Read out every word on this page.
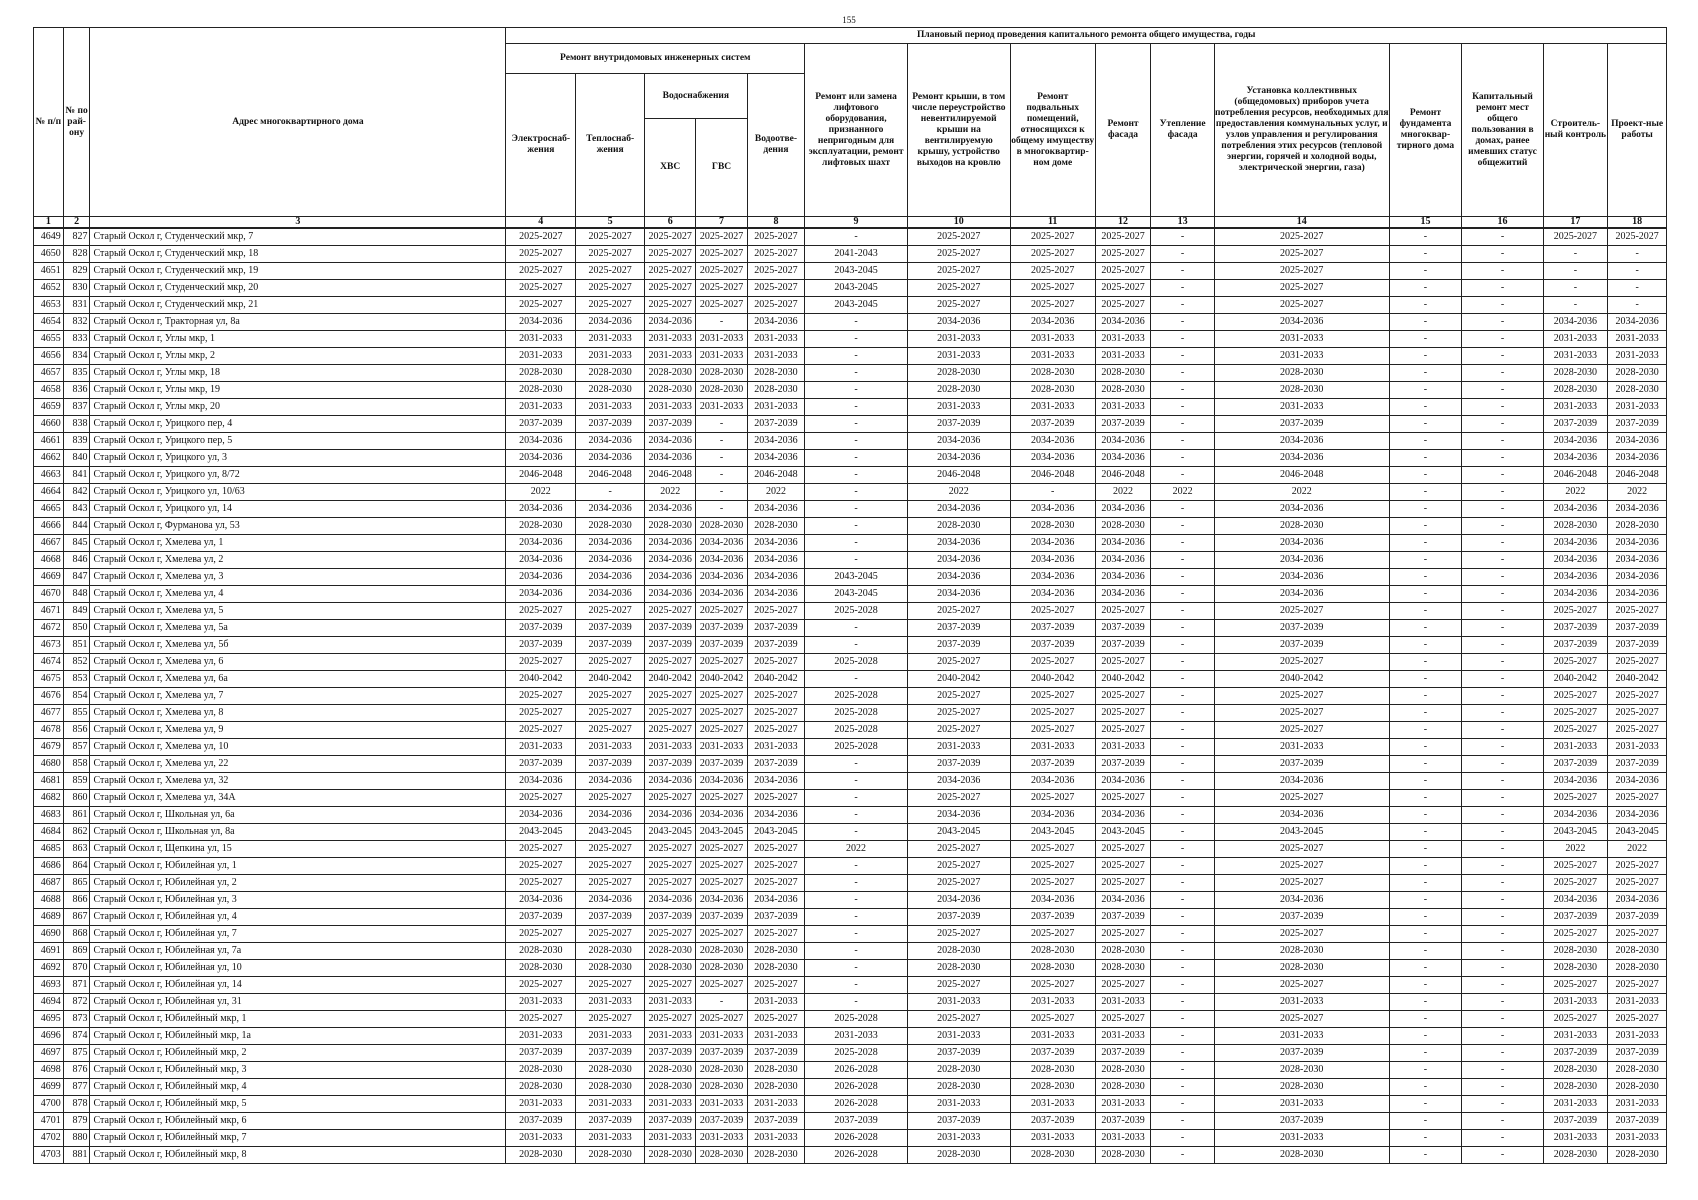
155
№ п/п	№ по рай-ону	Адрес многоквартирного дома	Плановый период проведения капитального ремонта общего имущества, годы														
			Ремонт внутридомовых инженерных систем					Ремонт или замена лифтового оборудования, признанного непригодным для эксплуатации, ремонт лифтовых шахт	Ремонт крыши, в том числе переустройство невентилируемой крыши на вентилируемую крышу, устройство выходов на кровлю	Ремонт подвальных помещений, относящихся к общему имуществу в многоквартир-ном доме	Ремонт фасада	Утепление фасада	Установка коллективных (общедомовых) приборов учета потребления ресурсов, необходимых для предоставления коммунальных услуг, и узлов управления и регулирования потребления этих ресурсов (тепловой энергии, горячей и холодной воды, электрической энергии, газа)	Ремонт фундамента многоквар-тирного дома	Капитальный ремонт мест общего пользования в домах, ранее имевших статус общежитий	Строитель-ный контроль	Проект-ные работы
			Электроснаб-жения	Теплоснаб-жения	Водоснабжения		Водоотве-дения										
					ХВС	ГВС											
1	2	3	4	5	6	7	8	9	10	11	12	13	14	15	16	17	18
4649	827	Старый Оскол г, Студенческий мкр, 7	2025-2027	2025-2027	2025-2027	2025-2027	2025-2027	-	2025-2027	2025-2027	2025-2027	-	2025-2027	-	-	2025-2027	2025-2027
4650	828	Старый Оскол г, Студенческий мкр, 18	2025-2027	2025-2027	2025-2027	2025-2027	2025-2027	2041-2043	2025-2027	2025-2027	2025-2027	-	2025-2027	-	-	-	-
4651	829	Старый Оскол г, Студенческий мкр, 19	2025-2027	2025-2027	2025-2027	2025-2027	2025-2027	2043-2045	2025-2027	2025-2027	2025-2027	-	2025-2027	-	-	-	-
4652	830	Старый Оскол г, Студенческий мкр, 20	2025-2027	2025-2027	2025-2027	2025-2027	2025-2027	2043-2045	2025-2027	2025-2027	2025-2027	-	2025-2027	-	-	-	-
4653	831	Старый Оскол г, Студенческий мкр, 21	2025-2027	2025-2027	2025-2027	2025-2027	2025-2027	2043-2045	2025-2027	2025-2027	2025-2027	-	2025-2027	-	-	-	-
4654	832	Старый Оскол г, Тракторная ул, 8а	2034-2036	2034-2036	2034-2036	-	2034-2036	-	2034-2036	2034-2036	2034-2036	-	2034-2036	-	-	2034-2036	2034-2036
4655	833	Старый Оскол г, Углы мкр, 1	2031-2033	2031-2033	2031-2033	2031-2033	2031-2033	-	2031-2033	2031-2033	2031-2033	-	2031-2033	-	-	2031-2033	2031-2033
4656	834	Старый Оскол г, Углы мкр, 2	2031-2033	2031-2033	2031-2033	2031-2033	2031-2033	-	2031-2033	2031-2033	2031-2033	-	2031-2033	-	-	2031-2033	2031-2033
4657	835	Старый Оскол г, Углы мкр, 18	2028-2030	2028-2030	2028-2030	2028-2030	2028-2030	-	2028-2030	2028-2030	2028-2030	-	2028-2030	-	-	2028-2030	2028-2030
4658	836	Старый Оскол г, Углы мкр, 19	2028-2030	2028-2030	2028-2030	2028-2030	2028-2030	-	2028-2030	2028-2030	2028-2030	-	2028-2030	-	-	2028-2030	2028-2030
4659	837	Старый Оскол г, Углы мкр, 20	2031-2033	2031-2033	2031-2033	2031-2033	2031-2033	-	2031-2033	2031-2033	2031-2033	-	2031-2033	-	-	2031-2033	2031-2033
4660	838	Старый Оскол г, Урицкого пер, 4	2037-2039	2037-2039	2037-2039	-	2037-2039	-	2037-2039	2037-2039	2037-2039	-	2037-2039	-	-	2037-2039	2037-2039
4661	839	Старый Оскол г, Урицкого пер, 5	2034-2036	2034-2036	2034-2036	-	2034-2036	-	2034-2036	2034-2036	2034-2036	-	2034-2036	-	-	2034-2036	2034-2036
4662	840	Старый Оскол г, Урицкого ул, 3	2034-2036	2034-2036	2034-2036	-	2034-2036	-	2034-2036	2034-2036	2034-2036	-	2034-2036	-	-	2034-2036	2034-2036
4663	841	Старый Оскол г, Урицкого ул, 8/72	2046-2048	2046-2048	2046-2048	-	2046-2048	-	2046-2048	2046-2048	2046-2048	-	2046-2048	-	-	2046-2048	2046-2048
4664	842	Старый Оскол г, Урицкого ул, 10/63	2022	-	2022	-	2022	-	2022	-	2022	2022	2022	-	-	2022	2022
4665	843	Старый Оскол г, Урицкого ул, 14	2034-2036	2034-2036	2034-2036	-	2034-2036	-	2034-2036	2034-2036	2034-2036	-	2034-2036	-	-	2034-2036	2034-2036
4666	844	Старый Оскол г, Фурманова ул, 53	2028-2030	2028-2030	2028-2030	2028-2030	2028-2030	-	2028-2030	2028-2030	2028-2030	-	2028-2030	-	-	2028-2030	2028-2030
4667	845	Старый Оскол г, Хмелева ул, 1	2034-2036	2034-2036	2034-2036	2034-2036	2034-2036	-	2034-2036	2034-2036	2034-2036	-	2034-2036	-	-	2034-2036	2034-2036
4668	846	Старый Оскол г, Хмелева ул, 2	2034-2036	2034-2036	2034-2036	2034-2036	2034-2036	-	2034-2036	2034-2036	2034-2036	-	2034-2036	-	-	2034-2036	2034-2036
4669	847	Старый Оскол г, Хмелева ул, 3	2034-2036	2034-2036	2034-2036	2034-2036	2034-2036	2043-2045	2034-2036	2034-2036	2034-2036	-	2034-2036	-	-	2034-2036	2034-2036
4670	848	Старый Оскол г, Хмелева ул, 4	2034-2036	2034-2036	2034-2036	2034-2036	2034-2036	2043-2045	2034-2036	2034-2036	2034-2036	-	2034-2036	-	-	2034-2036	2034-2036
4671	849	Старый Оскол г, Хмелева ул, 5	2025-2027	2025-2027	2025-2027	2025-2027	2025-2027	2025-2028	2025-2027	2025-2027	2025-2027	-	2025-2027	-	-	2025-2027	2025-2027
4672	850	Старый Оскол г, Хмелева ул, 5а	2037-2039	2037-2039	2037-2039	2037-2039	2037-2039	-	2037-2039	2037-2039	2037-2039	-	2037-2039	-	-	2037-2039	2037-2039
4673	851	Старый Оскол г, Хмелева ул, 5б	2037-2039	2037-2039	2037-2039	2037-2039	2037-2039	-	2037-2039	2037-2039	2037-2039	-	2037-2039	-	-	2037-2039	2037-2039
4674	852	Старый Оскол г, Хмелева ул, 6	2025-2027	2025-2027	2025-2027	2025-2027	2025-2027	2025-2028	2025-2027	2025-2027	2025-2027	-	2025-2027	-	-	2025-2027	2025-2027
4675	853	Старый Оскол г, Хмелева ул, 6а	2040-2042	2040-2042	2040-2042	2040-2042	2040-2042	-	2040-2042	2040-2042	2040-2042	-	2040-2042	-	-	2040-2042	2040-2042
4676	854	Старый Оскол г, Хмелева ул, 7	2025-2027	2025-2027	2025-2027	2025-2027	2025-2027	2025-2028	2025-2027	2025-2027	2025-2027	-	2025-2027	-	-	2025-2027	2025-2027
4677	855	Старый Оскол г, Хмелева ул, 8	2025-2027	2025-2027	2025-2027	2025-2027	2025-2027	2025-2028	2025-2027	2025-2027	2025-2027	-	2025-2027	-	-	2025-2027	2025-2027
4678	856	Старый Оскол г, Хмелева ул, 9	2025-2027	2025-2027	2025-2027	2025-2027	2025-2027	2025-2028	2025-2027	2025-2027	2025-2027	-	2025-2027	-	-	2025-2027	2025-2027
4679	857	Старый Оскол г, Хмелева ул, 10	2031-2033	2031-2033	2031-2033	2031-2033	2031-2033	2025-2028	2031-2033	2031-2033	2031-2033	-	2031-2033	-	-	2031-2033	2031-2033
4680	858	Старый Оскол г, Хмелева ул, 22	2037-2039	2037-2039	2037-2039	2037-2039	2037-2039	-	2037-2039	2037-2039	2037-2039	-	2037-2039	-	-	2037-2039	2037-2039
4681	859	Старый Оскол г, Хмелева ул, 32	2034-2036	2034-2036	2034-2036	2034-2036	2034-2036	-	2034-2036	2034-2036	2034-2036	-	2034-2036	-	-	2034-2036	2034-2036
4682	860	Старый Оскол г, Хмелева ул, 34А	2025-2027	2025-2027	2025-2027	2025-2027	2025-2027	-	2025-2027	2025-2027	2025-2027	-	2025-2027	-	-	2025-2027	2025-2027
4683	861	Старый Оскол г, Школьная ул, 6а	2034-2036	2034-2036	2034-2036	2034-2036	2034-2036	-	2034-2036	2034-2036	2034-2036	-	2034-2036	-	-	2034-2036	2034-2036
4684	862	Старый Оскол г, Школьная ул, 8а	2043-2045	2043-2045	2043-2045	2043-2045	2043-2045	-	2043-2045	2043-2045	2043-2045	-	2043-2045	-	-	2043-2045	2043-2045
4685	863	Старый Оскол г, Щепкина ул, 15	2025-2027	2025-2027	2025-2027	2025-2027	2025-2027	2022	2025-2027	2025-2027	2025-2027	-	2025-2027	-	-	2022	2022
4686	864	Старый Оскол г, Юбилейная ул, 1	2025-2027	2025-2027	2025-2027	2025-2027	2025-2027	-	2025-2027	2025-2027	2025-2027	-	2025-2027	-	-	2025-2027	2025-2027
4687	865	Старый Оскол г, Юбилейная ул, 2	2025-2027	2025-2027	2025-2027	2025-2027	2025-2027	-	2025-2027	2025-2027	2025-2027	-	2025-2027	-	-	2025-2027	2025-2027
4688	866	Старый Оскол г, Юбилейная ул, 3	2034-2036	2034-2036	2034-2036	2034-2036	2034-2036	-	2034-2036	2034-2036	2034-2036	-	2034-2036	-	-	2034-2036	2034-2036
4689	867	Старый Оскол г, Юбилейная ул, 4	2037-2039	2037-2039	2037-2039	2037-2039	2037-2039	-	2037-2039	2037-2039	2037-2039	-	2037-2039	-	-	2037-2039	2037-2039
4690	868	Старый Оскол г, Юбилейная ул, 7	2025-2027	2025-2027	2025-2027	2025-2027	2025-2027	-	2025-2027	2025-2027	2025-2027	-	2025-2027	-	-	2025-2027	2025-2027
4691	869	Старый Оскол г, Юбилейная ул, 7а	2028-2030	2028-2030	2028-2030	2028-2030	2028-2030	-	2028-2030	2028-2030	2028-2030	-	2028-2030	-	-	2028-2030	2028-2030
4692	870	Старый Оскол г, Юбилейная ул, 10	2028-2030	2028-2030	2028-2030	2028-2030	2028-2030	-	2028-2030	2028-2030	2028-2030	-	2028-2030	-	-	2028-2030	2028-2030
4693	871	Старый Оскол г, Юбилейная ул, 14	2025-2027	2025-2027	2025-2027	2025-2027	2025-2027	-	2025-2027	2025-2027	2025-2027	-	2025-2027	-	-	2025-2027	2025-2027
4694	872	Старый Оскол г, Юбилейная ул, 31	2031-2033	2031-2033	2031-2033	-	2031-2033	-	2031-2033	2031-2033	2031-2033	-	2031-2033	-	-	2031-2033	2031-2033
4695	873	Старый Оскол г, Юбилейный мкр, 1	2025-2027	2025-2027	2025-2027	2025-2027	2025-2027	2025-2028	2025-2027	2025-2027	2025-2027	-	2025-2027	-	-	2025-2027	2025-2027
4696	874	Старый Оскол г, Юбилейный мкр, 1а	2031-2033	2031-2033	2031-2033	2031-2033	2031-2033	2031-2033	2031-2033	2031-2033	2031-2033	-	2031-2033	-	-	2031-2033	2031-2033
4697	875	Старый Оскол г, Юбилейный мкр, 2	2037-2039	2037-2039	2037-2039	2037-2039	2037-2039	2025-2028	2037-2039	2037-2039	2037-2039	-	2037-2039	-	-	2037-2039	2037-2039
4698	876	Старый Оскол г, Юбилейный мкр, 3	2028-2030	2028-2030	2028-2030	2028-2030	2028-2030	2026-2028	2028-2030	2028-2030	2028-2030	-	2028-2030	-	-	2028-2030	2028-2030
4699	877	Старый Оскол г, Юбилейный мкр, 4	2028-2030	2028-2030	2028-2030	2028-2030	2028-2030	2026-2028	2028-2030	2028-2030	2028-2030	-	2028-2030	-	-	2028-2030	2028-2030
4700	878	Старый Оскол г, Юбилейный мкр, 5	2031-2033	2031-2033	2031-2033	2031-2033	2031-2033	2026-2028	2031-2033	2031-2033	2031-2033	-	2031-2033	-	-	2031-2033	2031-2033
4701	879	Старый Оскол г, Юбилейный мкр, 6	2037-2039	2037-2039	2037-2039	2037-2039	2037-2039	2037-2039	2037-2039	2037-2039	2037-2039	-	2037-2039	-	-	2037-2039	2037-2039
4702	880	Старый Оскол г, Юбилейный мкр, 7	2031-2033	2031-2033	2031-2033	2031-2033	2031-2033	2026-2028	2031-2033	2031-2033	2031-2033	-	2031-2033	-	-	2031-2033	2031-2033
4703	881	Старый Оскол г, Юбилейный мкр, 8	2028-2030	2028-2030	2028-2030	2028-2030	2028-2030	2026-2028	2028-2030	2028-2030	2028-2030	-	2028-2030	-	-	2028-2030	2028-2030
